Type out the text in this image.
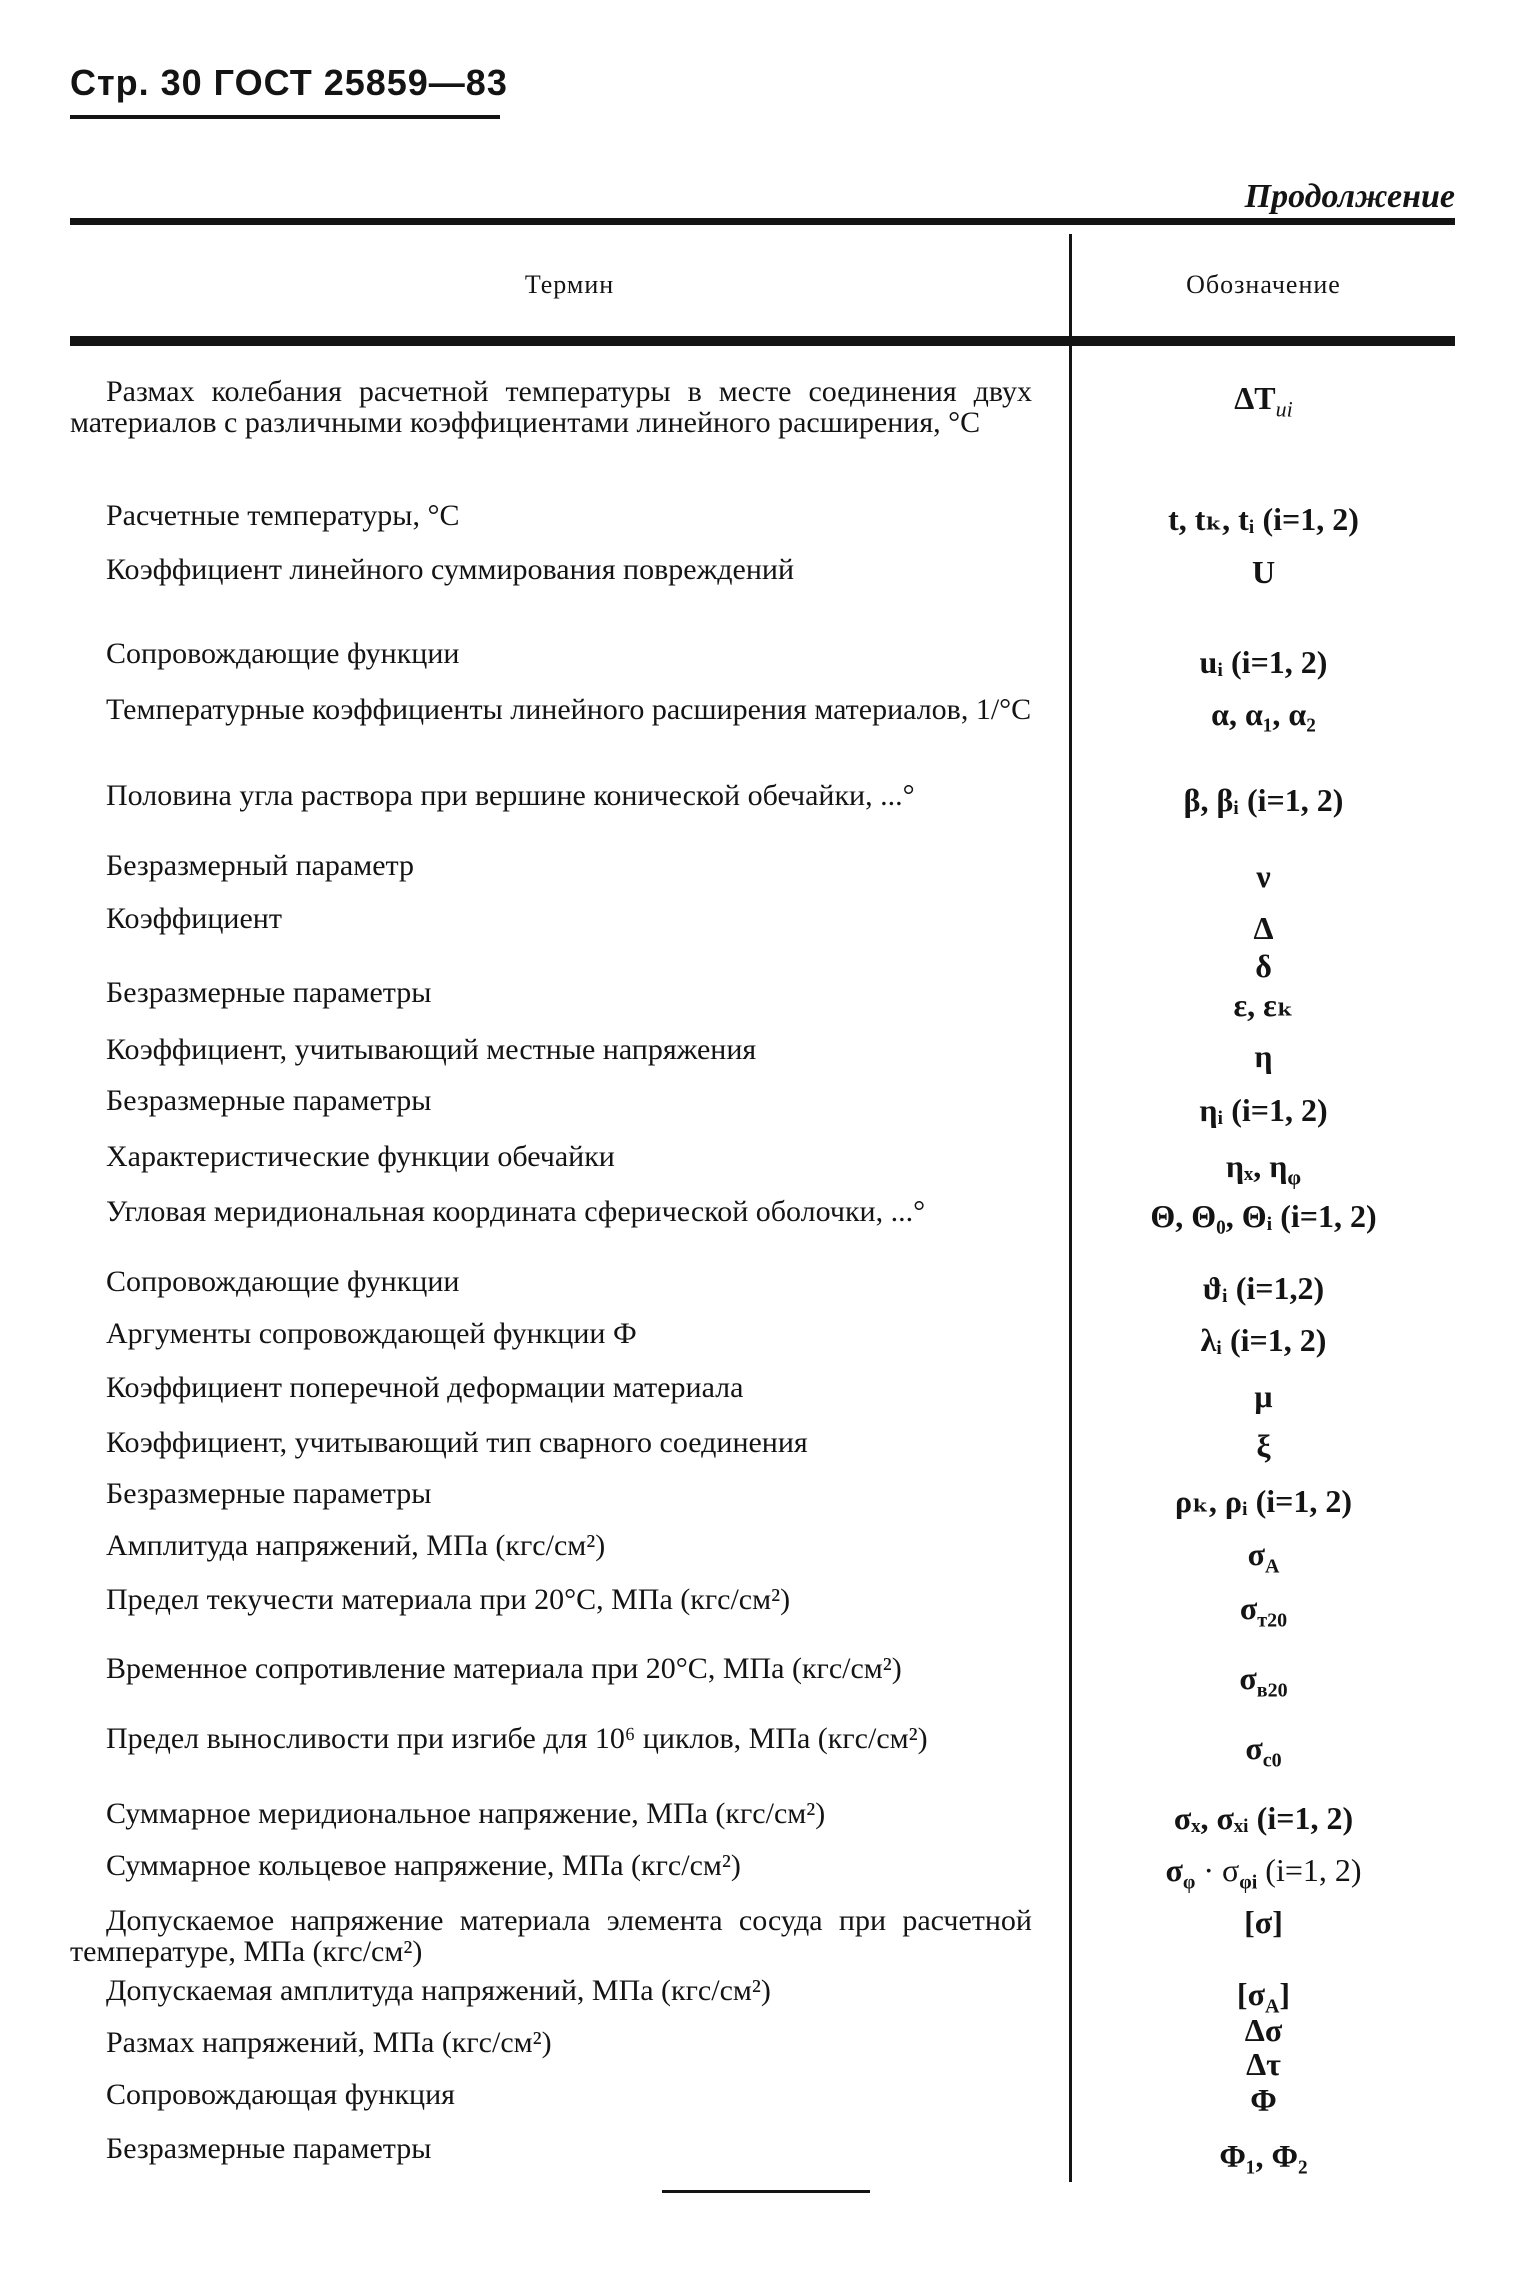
Стр. 30 ГОСТ 25859—83
Продолжение
Термин	Обозначение
Размах колебания расчетной температуры в месте соединения двух материалов с различными коэффициентами линейного расширения, °С
Расчетные температуры, °С
Коэффициент линейного суммирования повреждений
Сопровождающие функции
Температурные коэффициенты линейного расширения материалов, 1/°С
Половина угла раствора при вершине конической обечайки, ...°
Безразмерный параметр
Коэффициент
Безразмерные параметры
Коэффициент, учитывающий местные напряжения
Безразмерные параметры
Характеристические функции обечайки
Угловая меридиональная координата сферической оболочки, ...°
Сопровождающие функции
Аргументы сопровождающей функции Ф
Коэффициент поперечной деформации материала
Коэффициент, учитывающий тип сварного соединения
Безразмерные параметры
Амплитуда напряжений, МПа (кгс/см²)
Предел текучести материала при 20°С, МПа (кгс/см²)
Временное сопротивление материала при 20°С, МПа (кгс/см²)
Предел выносливости при изгибе для 10⁶ циклов, МПа (кгс/см²)
Суммарное меридиональное напряжение, МПа (кгс/см²)
Суммарное кольцевое напряжение, МПа (кгс/см²)
Допускаемое напряжение материала элемента сосуда при расчетной температуре, МПа (кгс/см²)
Допускаемая амплитуда напряжений, МПа (кгс/см²)
Размах напряжений, МПа (кгс/см²)
Сопровождающая функция
Безразмерные параметры
$\Delta T_{ui}$
t, tₖ, tᵢ (i=1, 2)
U
uᵢ (i=1, 2)
α, α₁, α₂
β, βᵢ (i=1, 2)
ν
Δ
δ
ε, εₖ
η
ηᵢ (i=1, 2)
ηₓ, $\eta_\varphi$
Θ, Θ₀, Θᵢ (i=1, 2)
ϑᵢ (i=1,2)
λᵢ (i=1, 2)
μ
ξ
ρₖ, ρᵢ (i=1, 2)
$\sigma_A$
$\sigma_{т20}$
$\sigma_{в20}$
$\sigma_{c0}$
σₓ, σₓᵢ (i=1, 2)
$\sigma_\varphi \cdot \sigma_{\varphi i}$ (i=1, 2)
[σ]
$[\sigma_A]$
Δσ
Δτ
Φ
Φ₁, Φ₂
